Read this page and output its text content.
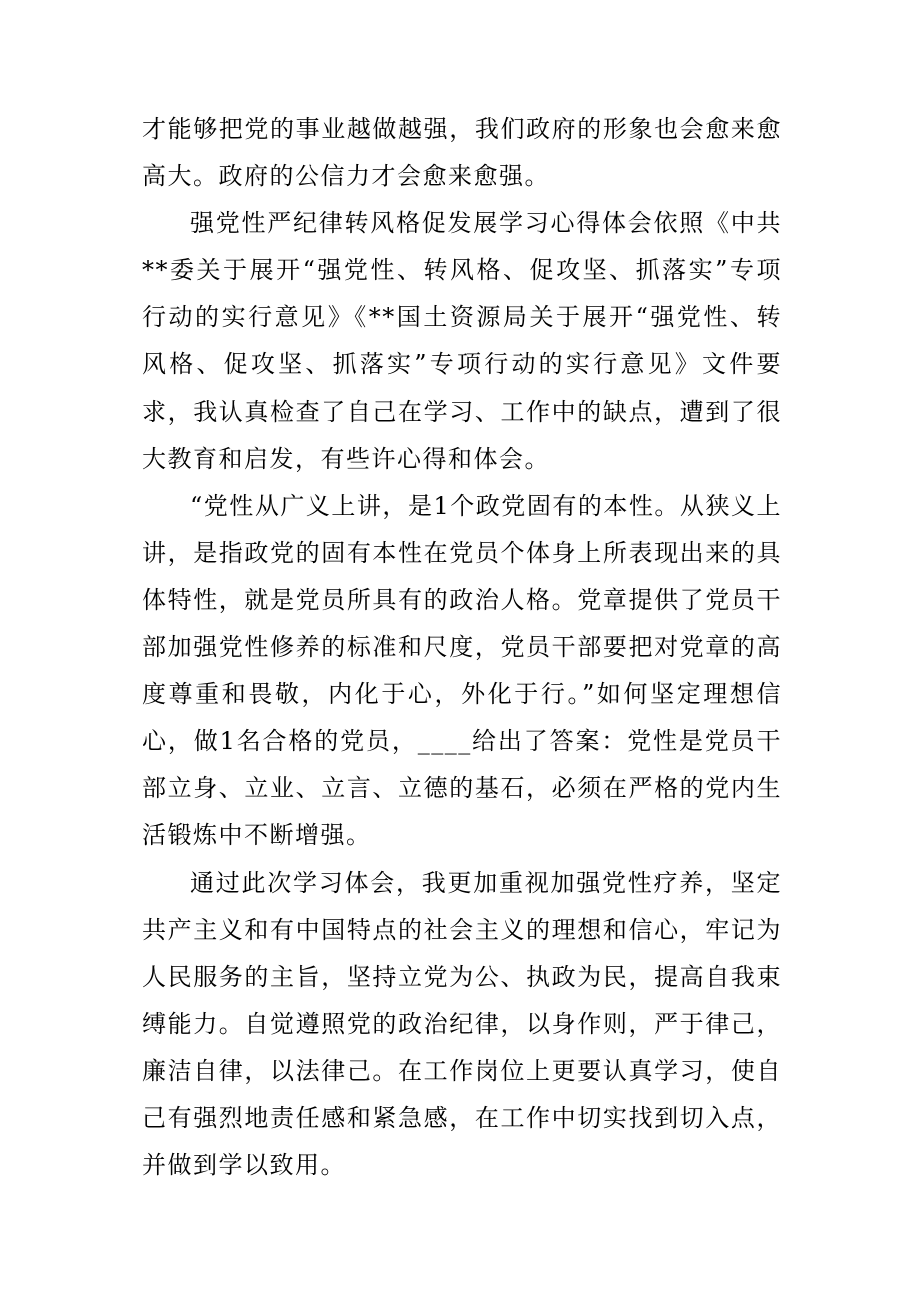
才能够把党的事业越做越强，我们政府的形象也会愈来愈高大。政府的公信力才会愈来愈强。

强党性严纪律转风格促发展学习心得体会依照《中共**委关于展开“强党性、转风格、促攻坚、抓落实”专项行动的实行意见》《**国土资源局关于展开“强党性、转风格、促攻坚、抓落实”专项行动的实行意见》文件要求，我认真检查了自己在学习、工作中的缺点，遭到了很大教育和启发，有些许心得和体会。

“党性从广义上讲，是1个政党固有的本性。从狭义上讲，是指政党的固有本性在党员个体身上所表现出来的具体特性，就是党员所具有的政治人格。党章提供了党员干部加强党性修养的标准和尺度，党员干部要把对党章的高度尊重和畏敬，内化于心，外化于行。”如何坚定理想信心，做1名合格的党员，____给出了答案：党性是党员干部立身、立业、立言、立德的基石，必须在严格的党内生活锻炼中不断增强。

通过此次学习体会，我更加重视加强党性疗养，坚定共产主义和有中国特点的社会主义的理想和信心，牢记为人民服务的主旨，坚持立党为公、执政为民，提高自我束缚能力。自觉遵照党的政治纪律，以身作则，严于律己，廉洁自律，以法律己。在工作岗位上更要认真学习，使自己有强烈地责任感和紧急感，在工作中切实找到切入点，并做到学以致用。
